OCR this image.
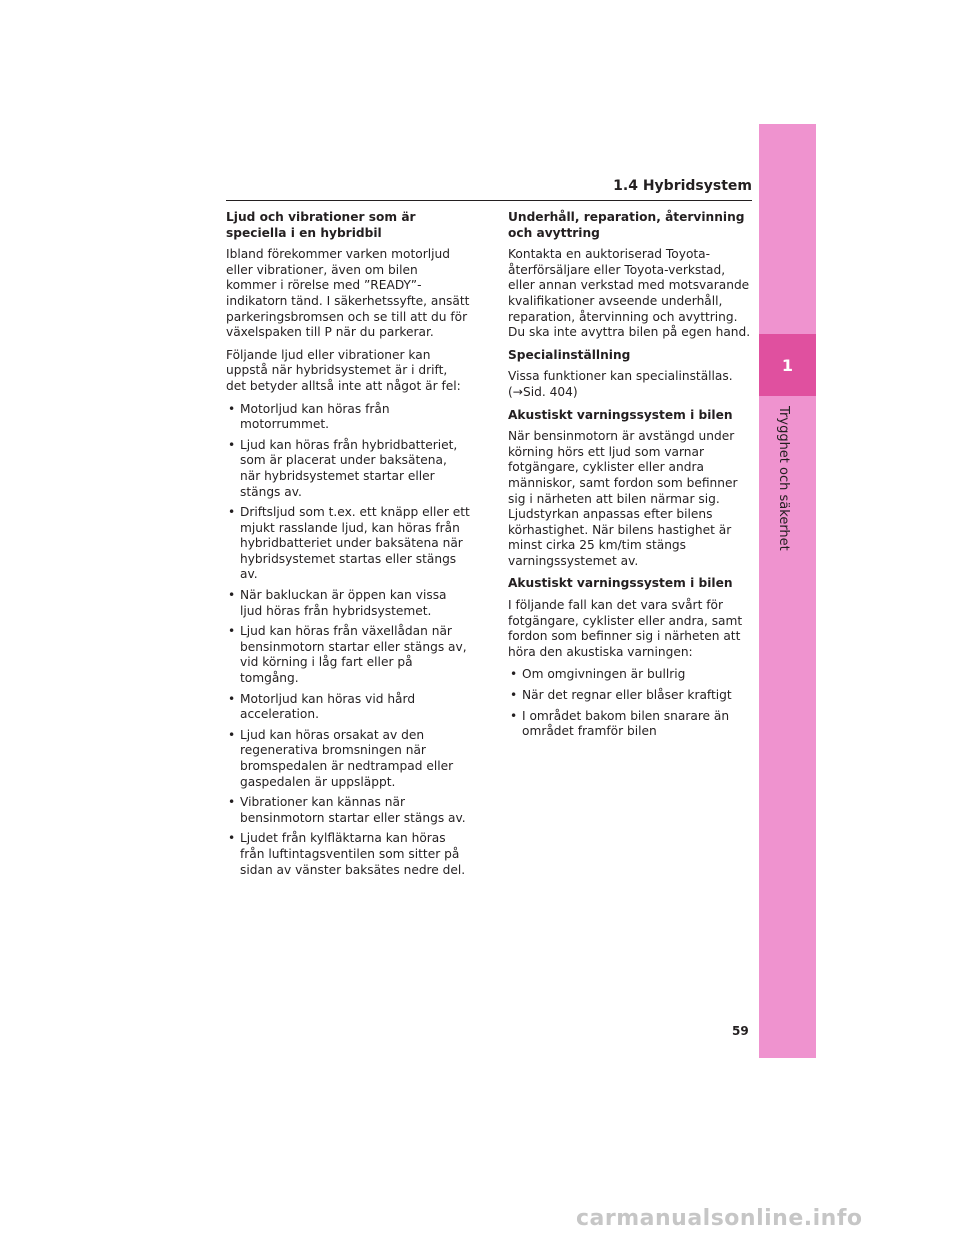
1.4 Hybridsystem
Ljud och vibrationer som är speciella i en hybridbil

Ibland förekommer varken motorljud eller vibrationer, även om bilen kommer i rörelse med ”READY”-indikatorn tänd. I säkerhetssyfte, ansätt parkeringsbromsen och se till att du för växelspaken till P när du parkerar.

Följande ljud eller vibrationer kan uppstå när hybridsystemet är i drift, det betyder alltså inte att något är fel:

• Motorljud kan höras från motorrummet.
• Ljud kan höras från hybridbatteriet, som är placerat under baksätena, när hybridsystemet startar eller stängs av.
• Driftsljud som t.ex. ett knäpp eller ett mjukt rasslande ljud, kan höras från hybridbatteriet under baksätena när hybridsystemet startas eller stängs av.
• När bakluckan är öppen kan vissa ljud höras från hybridsystemet.
• Ljud kan höras från växellådan när bensinmotorn startar eller stängs av, vid körning i låg fart eller på tomgång.
• Motorljud kan höras vid hård acceleration.
• Ljud kan höras orsakat av den regenerativa bromsningen när bromspedalen är nedtrampad eller gaspedalen är uppsläppt.
• Vibrationer kan kännas när bensinmotorn startar eller stängs av.
• Ljudet från kylfläktarna kan höras från luftintagsventilen som sitter på sidan av vänster baksätes nedre del.
Underhåll, reparation, återvinning och avyttring

Kontakta en auktoriserad Toyota-återförsäljare eller Toyota-verkstad, eller annan verkstad med motsvarande kvalifikationer avseende underhåll, reparation, återvinning och avyttring. Du ska inte avyttra bilen på egen hand.

Specialinställning

Vissa funktioner kan specialinställas. (→Sid. 404)

Akustiskt varningssystem i bilen

När bensinmotorn är avstängd under körning hörs ett ljud som varnar fotgängare, cyklister eller andra människor, samt fordon som befinner sig i närheten att bilen närmar sig. Ljudstyrkan anpassas efter bilens körhastighet. När bilens hastighet är minst cirka 25 km/tim stängs varningssystemet av.

Akustiskt varningssystem i bilen

I följande fall kan det vara svårt för fotgängare, cyklister eller andra, samt fordon som befinner sig i närheten att höra den akustiska varningen:

• Om omgivningen är bullrig
• När det regnar eller blåser kraftigt
• I området bakom bilen snarare än området framför bilen
1
Trygghet och säkerhet
59
carmanualsonline.info
